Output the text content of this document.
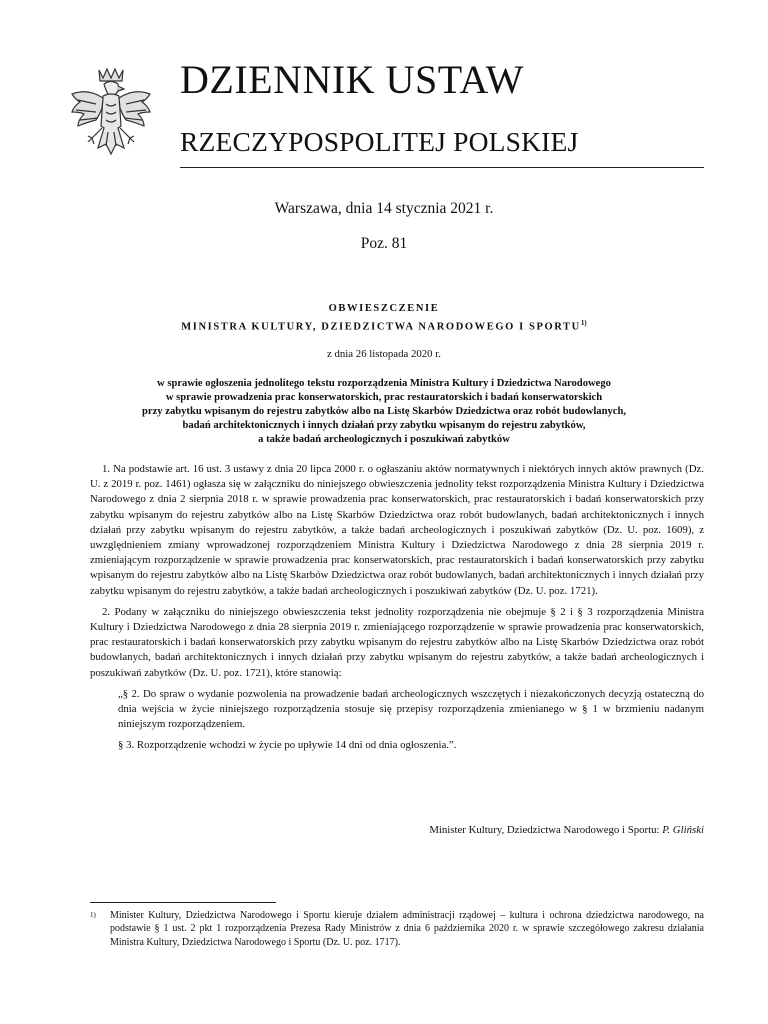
DZIENNIK USTAW
RZECZYPOSPOLITEJ POLSKIEJ
Warszawa, dnia 14 stycznia 2021 r.
Poz. 81
OBWIESZCZENIE
MINISTRA KULTURY, DZIEDZICTWA NARODOWEGO I SPORTU$^{1)}$
z dnia 26 listopada 2020 r.
w sprawie ogłoszenia jednolitego tekstu rozporządzenia Ministra Kultury i Dziedzictwa Narodowego
w sprawie prowadzenia prac konserwatorskich, prac restauratorskich i badań konserwatorskich
przy zabytku wpisanym do rejestru zabytków albo na Listę Skarbów Dziedzictwa oraz robót budowlanych,
badań architektonicznych i innych działań przy zabytku wpisanym do rejestru zabytków,
a także badań archeologicznych i poszukiwań zabytków

1. Na podstawie art. 16 ust. 3 ustawy z dnia 20 lipca 2000 r. o ogłaszaniu aktów normatywnych i niektórych innych aktów prawnych (Dz. U. z 2019 r. poz. 1461) ogłasza się w załączniku do niniejszego obwieszczenia jednolity tekst rozporządzenia Ministra Kultury i Dziedzictwa Narodowego z dnia 2 sierpnia 2018 r. w sprawie prowadzenia prac konserwatorskich, prac restauratorskich i badań konserwatorskich przy zabytku wpisanym do rejestru zabytków albo na Listę Skarbów Dziedzictwa oraz robót budowlanych, badań architektonicznych i innych działań przy zabytku wpisanym do rejestru zabytków, a także badań archeologicznych i poszukiwań zabytków (Dz. U. poz. 1609), z uwzględnieniem zmiany wprowadzonej rozporządzeniem Ministra Kultury i Dziedzictwa Narodowego z dnia 28 sierpnia 2019 r. zmieniającym rozporządzenie w sprawie prowadzenia prac konserwatorskich, prac restauratorskich i badań konserwatorskich przy zabytku wpisanym do rejestru zabytków albo na Listę Skarbów Dziedzictwa oraz robót budowlanych, badań architektonicznych i innych działań przy zabytku wpisanym do rejestru zabytków, a także badań archeologicznych i poszukiwań zabytków (Dz. U. poz. 1721).

2. Podany w załączniku do niniejszego obwieszczenia tekst jednolity rozporządzenia nie obejmuje § 2 i § 3 rozporządzenia Ministra Kultury i Dziedzictwa Narodowego z dnia 28 sierpnia 2019 r. zmieniającego rozporządzenie w sprawie prowadzenia prac konserwatorskich, prac restauratorskich i badań konserwatorskich przy zabytku wpisanym do rejestru zabytków albo na Listę Skarbów Dziedzictwa oraz robót budowlanych, badań architektonicznych i innych działań przy zabytku wpisanym do rejestru zabytków, a także badań archeologicznych i poszukiwań zabytków (Dz. U. poz. 1721), które stanowią:

„§ 2. Do spraw o wydanie pozwolenia na prowadzenie badań archeologicznych wszczętych i niezakończonych decyzją ostateczną do dnia wejścia w życie niniejszego rozporządzenia stosuje się przepisy rozporządzenia zmienianego w § 1 w brzmieniu nadanym niniejszym rozporządzeniem.

§ 3. Rozporządzenie wchodzi w życie po upływie 14 dni od dnia ogłoszenia.”.

Minister Kultury, Dziedzictwa Narodowego i Sportu: P. Gliński
1) Minister Kultury, Dziedzictwa Narodowego i Sportu kieruje działem administracji rządowej – kultura i ochrona dziedzictwa narodowego, na podstawie § 1 ust. 2 pkt 1 rozporządzenia Prezesa Rady Ministrów z dnia 6 października 2020 r. w sprawie szczegółowego zakresu działania Ministra Kultury, Dziedzictwa Narodowego i Sportu (Dz. U. poz. 1717).
